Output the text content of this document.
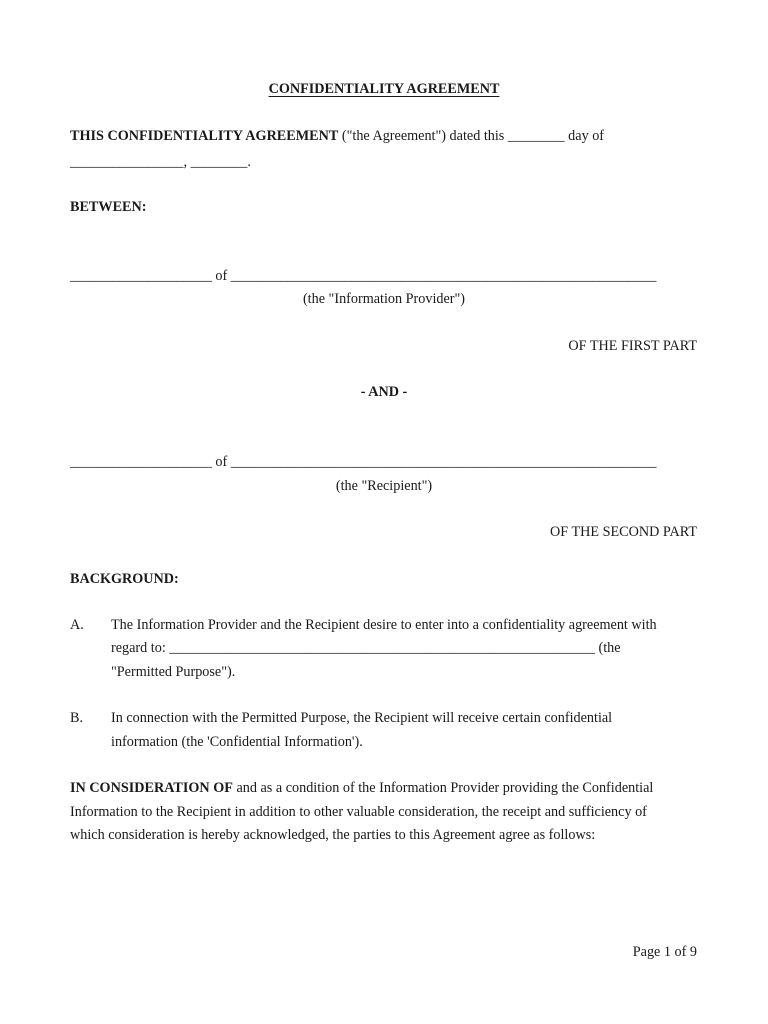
CONFIDENTIALITY AGREEMENT
THIS CONFIDENTIALITY AGREEMENT ("the Agreement") dated this ________ day of
________________, ________.
BETWEEN:
____________________ of ____________________________________________________________
(the "Information Provider")
OF THE FIRST PART
- AND -
____________________ of ____________________________________________________________
(the "Recipient")
OF THE SECOND PART
BACKGROUND:
A. The Information Provider and the Recipient desire to enter into a confidentiality agreement with
regard to: ____________________________________________________________ (the
"Permitted Purpose").
B. In connection with the Permitted Purpose, the Recipient will receive certain confidential
information (the 'Confidential Information').
IN CONSIDERATION OF and as a condition of the Information Provider providing the Confidential
Information to the Recipient in addition to other valuable consideration, the receipt and sufficiency of
which consideration is hereby acknowledged, the parties to this Agreement agree as follows:
Page 1 of 9
